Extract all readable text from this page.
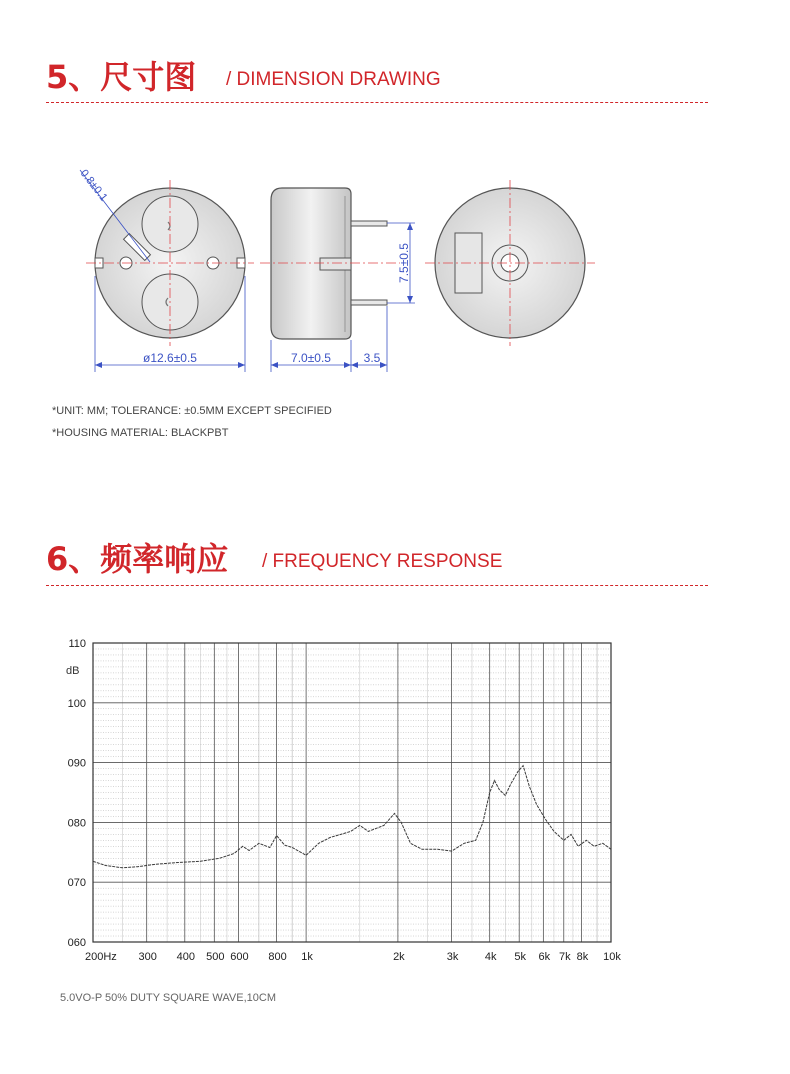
5、尺寸图 / DIMENSION DRAWING
0.8±0.1
ø12.6±0.5
7.5±0.5
7.0±0.5	3.5
*UNIT: MM; TOLERANCE: ±0.5MM EXCEPT SPECIFIED
*HOUSING MATERIAL: BLACKPBT
6、频率响应 / FREQUENCY RESPONSE
060
070
080
090
100
110
200Hz 300 400 500 600 800 1k	2k	3k 4k 5k 6k 7k 8k 10k
dB
5.0VO-P 50% DUTY SQUARE WAVE,10CM
